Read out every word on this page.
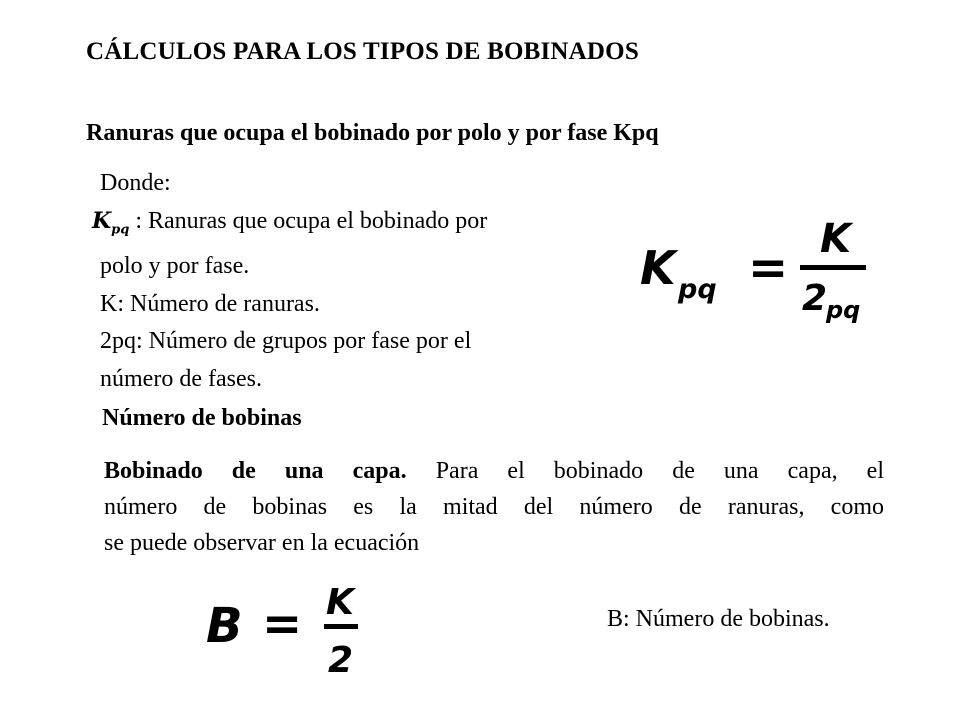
CÁLCULOS PARA LOS TIPOS DE BOBINADOS
Ranuras que ocupa el bobinado por polo y por fase Kpq
Donde:
$K_{pq}$ : Ranuras que ocupa el bobinado por
polo y por fase.
K: Número de ranuras.
2pq: Número de grupos por fase por el
número de fases.
K pq =
K
2
pq
Número de bobinas
Bobinado de una capa. Para el bobinado de una capa, el
número de bobinas es la mitad del número de ranuras, como
se puede observar en la ecuación
B = K
2
B: Número de bobinas.
